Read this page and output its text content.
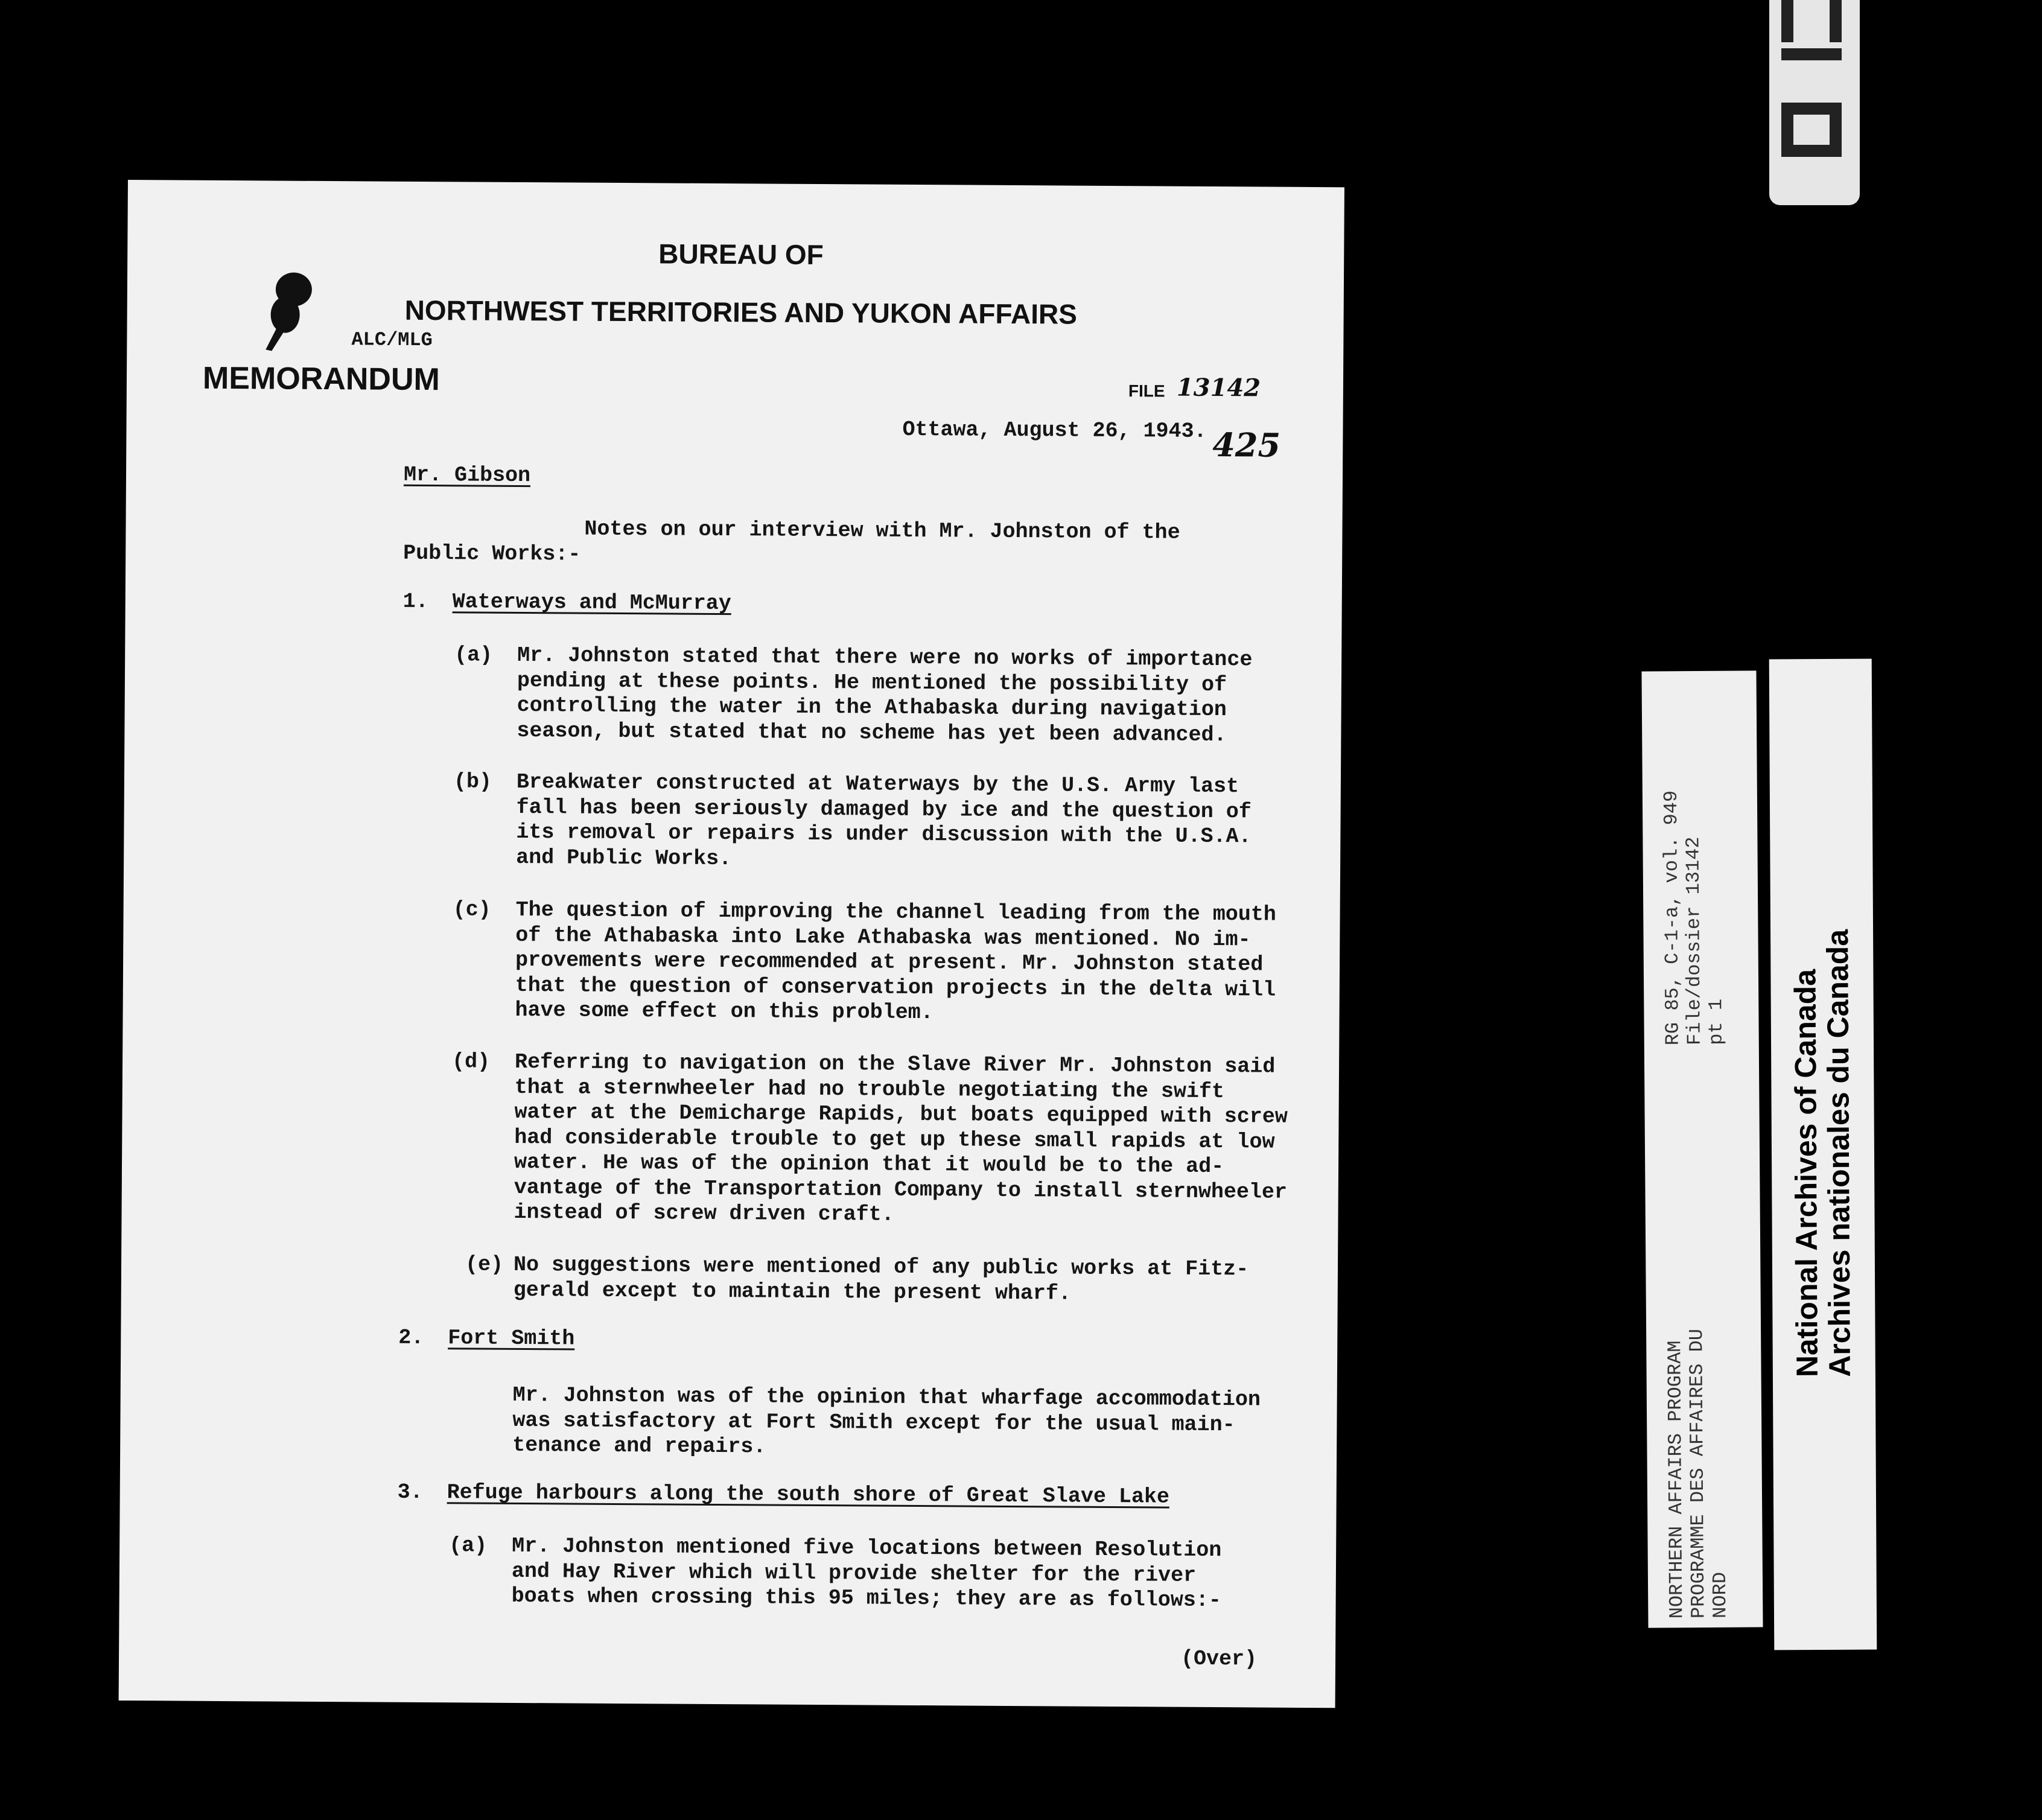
BUREAU OF
NORTHWEST TERRITORIES AND YUKON AFFAIRS
ALC/MLG
MEMORANDUM	FILE 13142
Ottawa, August 26, 1943. 425
Mr. Gibson
Notes on our interview with Mr. Johnston of the
Public Works:-
1. Waterways and McMurray
(a) Mr. Johnston stated that there were no works of importance
pending at these points. He mentioned the possibility of
controlling the water in the Athabaska during navigation
season, but stated that no scheme has yet been advanced.
(b) Breakwater constructed at Waterways by the U.S. Army last
fall has been seriously damaged by ice and the question of
its removal or repairs is under discussion with the U.S.A.
and Public Works.
(c) The question of improving the channel leading from the mouth
of the Athabaska into Lake Athabaska was mentioned. No im-
provements were recommended at present. Mr. Johnston stated
that the question of conservation projects in the delta will
have some effect on this problem.
(d) Referring to navigation on the Slave River Mr. Johnston said
that a sternwheeler had no trouble negotiating the swift
water at the Demicharge Rapids, but boats equipped with screw
had considerable trouble to get up these small rapids at low
water. He was of the opinion that it would be to the ad-
vantage of the Transportation Company to install sternwheeler
instead of screw driven craft.
(e) No suggestions were mentioned of any public works at Fitz-
gerald except to maintain the present wharf.
2. Fort Smith
Mr. Johnston was of the opinion that wharfage accommodation
was satisfactory at Fort Smith except for the usual main-
tenance and repairs.
3. Refuge harbours along the south shore of Great Slave Lake
(a) Mr. Johnston mentioned five locations between Resolution
and Hay River which will provide shelter for the river
boats when crossing this 95 miles; they are as follows:-
(Over)
NORTHERN AFFAIRS PROGRAM
PROGRAMME DES AFFAIRES DU
NORD
RG 85, C-1-a, vol. 949
File/dossier 13142
pt 1 National Archives of Canada
Archives nationales du Canada
